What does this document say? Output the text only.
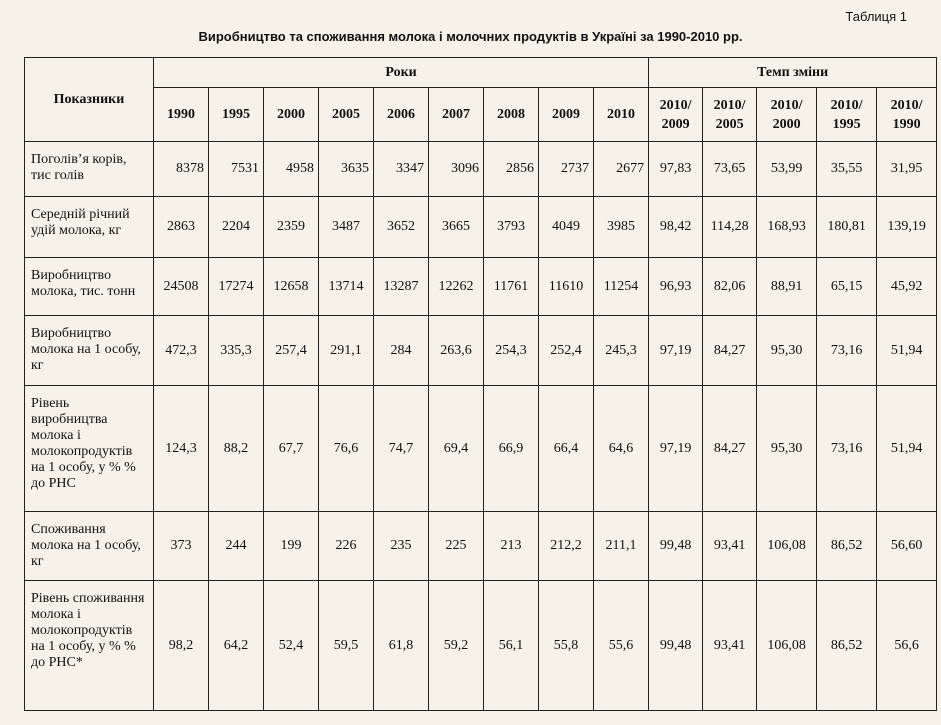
Таблиця 1
Виробництво та споживання молока і молочних продуктів в Україні за 1990-2010 рр.
Показники	Роки									Темп зміни				
	1990	1995	2000	2005	2006	2007	2008	2009	2010	2010/ 2009	2010/ 2005	2010/ 2000	2010/ 1995	2010/ 1990
Поголів’я корів, тис голів	8378	7531	4958	3635	3347	3096	2856	2737	2677	97,83	73,65	53,99	35,55	31,95
Середній річний удій молока, кг	2863	2204	2359	3487	3652	3665	3793	4049	3985	98,42	114,28	168,93	180,81	139,19
Виробництво молока, тис. тонн	24508	17274	12658	13714	13287	12262	11761	11610	11254	96,93	82,06	88,91	65,15	45,92
Виробництво молока на 1 особу, кг	472,3	335,3	257,4	291,1	284	263,6	254,3	252,4	245,3	97,19	84,27	95,30	73,16	51,94
Рівень виробництва молока і молокопродуктів на 1 особу, у % % до РНС	124,3	88,2	67,7	76,6	74,7	69,4	66,9	66,4	64,6	97,19	84,27	95,30	73,16	51,94
Споживання молока на 1 особу, кг	373	244	199	226	235	225	213	212,2	211,1	99,48	93,41	106,08	86,52	56,60
Рівень споживання молока і молокопродуктів на 1 особу, у % % до РНС*	98,2	64,2	52,4	59,5	61,8	59,2	56,1	55,8	55,6	99,48	93,41	106,08	86,52	56,6
